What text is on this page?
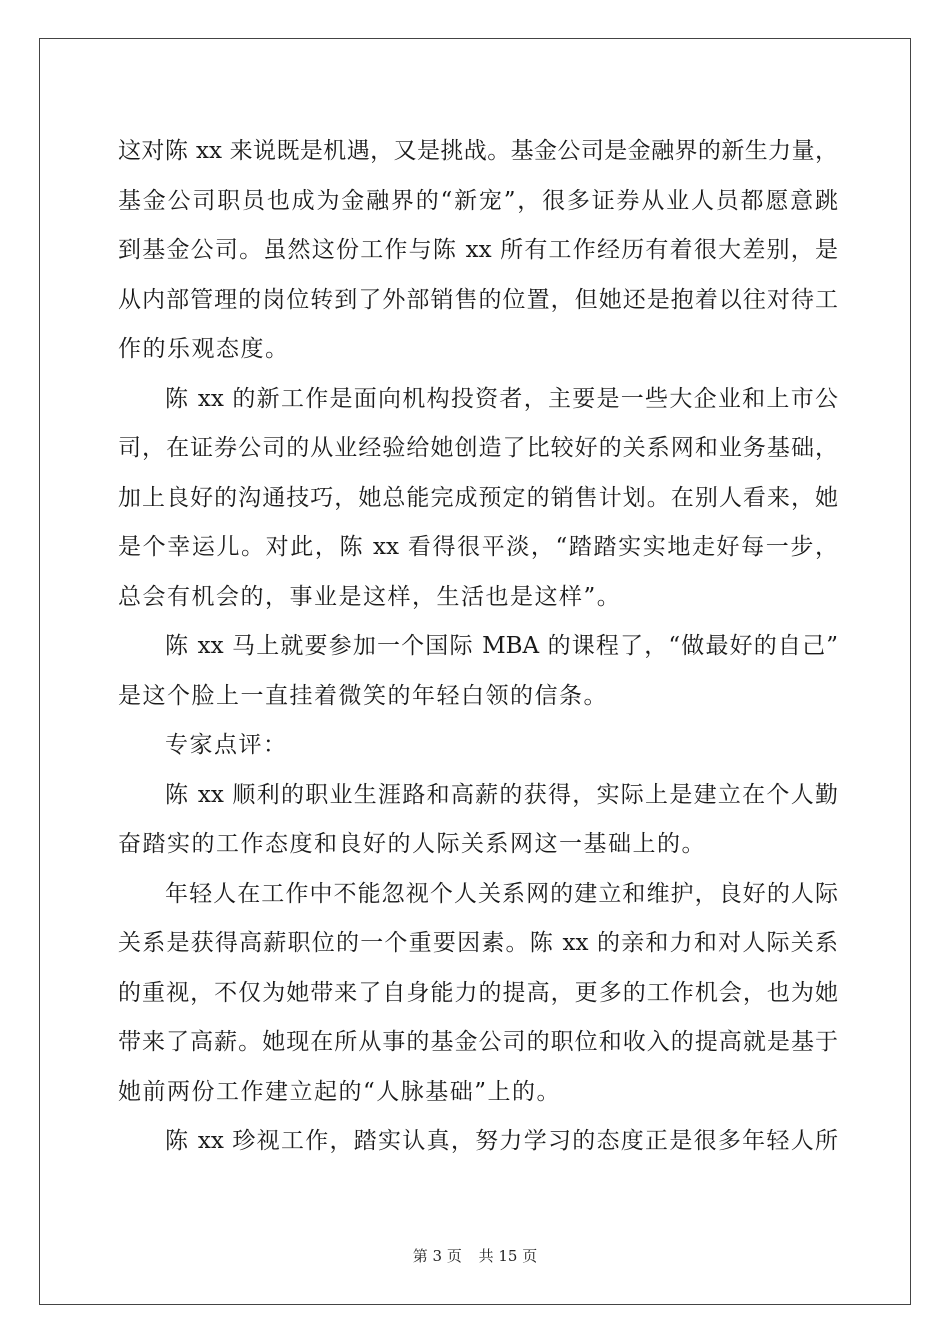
这对陈 xx 来说既是机遇，又是挑战。基金公司是金融界的新生力量，
基金公司职员也成为金融界的“新宠”，很多证券从业人员都愿意跳
到基金公司。虽然这份工作与陈 xx 所有工作经历有着很大差别，是
从内部管理的岗位转到了外部销售的位置，但她还是抱着以往对待工
作的乐观态度。
陈 xx 的新工作是面向机构投资者，主要是一些大企业和上市公
司，在证券公司的从业经验给她创造了比较好的关系网和业务基础，
加上良好的沟通技巧，她总能完成预定的销售计划。在别人看来，她
是个幸运儿。对此，陈 xx 看得很平淡，“踏踏实实地走好每一步，
总会有机会的，事业是这样，生活也是这样”。
陈 xx 马上就要参加一个国际 MBA 的课程了，“做最好的自己”
是这个脸上一直挂着微笑的年轻白领的信条。
专家点评：
陈 xx 顺利的职业生涯路和高薪的获得，实际上是建立在个人勤
奋踏实的工作态度和良好的人际关系网这一基础上的。
年轻人在工作中不能忽视个人关系网的建立和维护，良好的人际
关系是获得高薪职位的一个重要因素。陈 xx 的亲和力和对人际关系
的重视，不仅为她带来了自身能力的提高，更多的工作机会，也为她
带来了高薪。她现在所从事的基金公司的职位和收入的提高就是基于
她前两份工作建立起的“人脉基础”上的。
陈 xx 珍视工作，踏实认真，努力学习的态度正是很多年轻人所
第 3 页 共 15 页
